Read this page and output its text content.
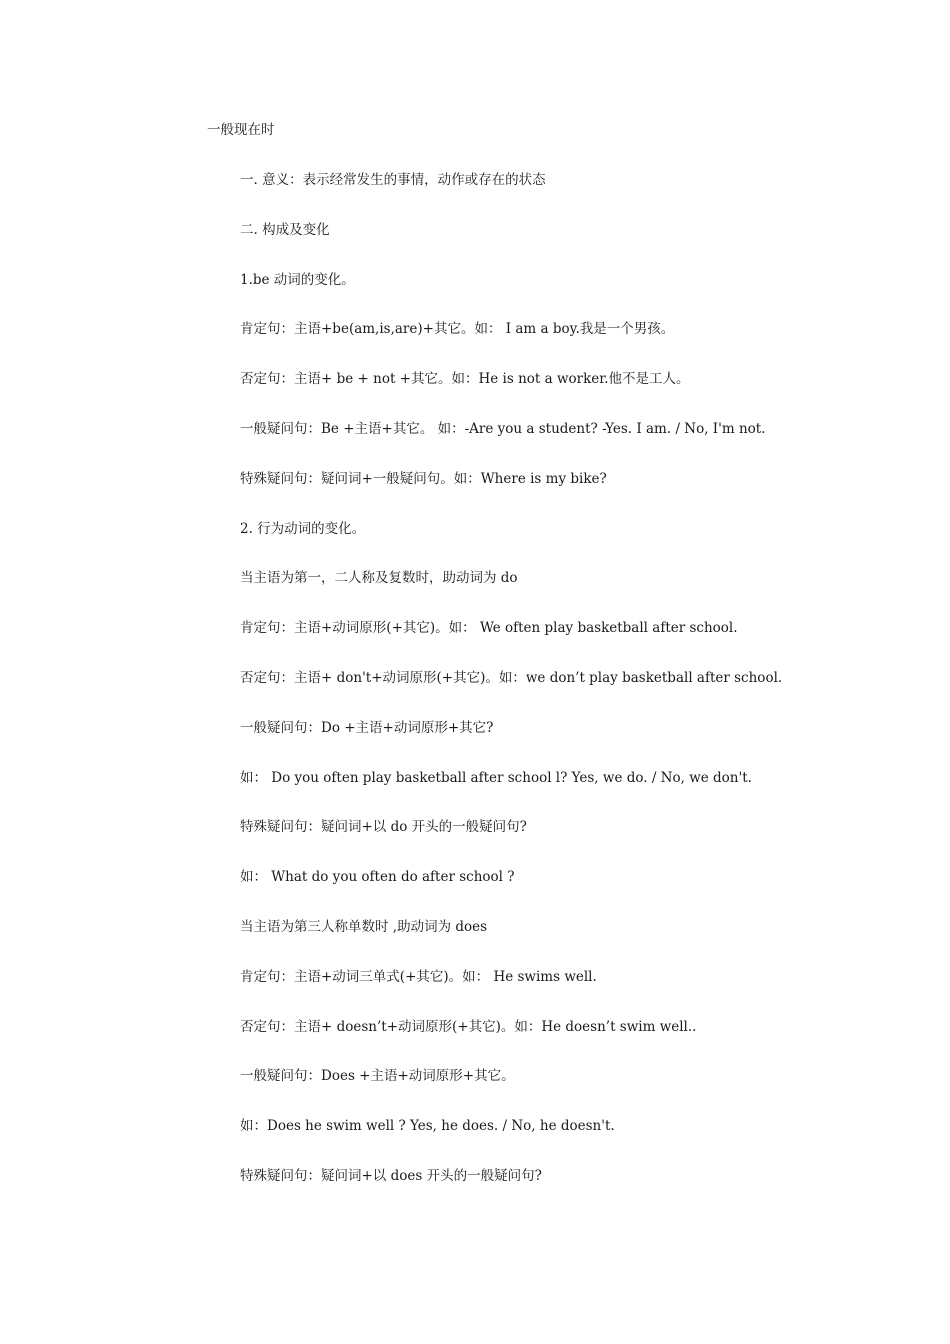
一般现在时
一. 意义：表示经常发生的事情，动作或存在的状态
二. 构成及变化
1.be 动词的变化。
肯定句：主语+be(am,is,are)+其它。如： I am a boy.我是一个男孩。
否定句：主语+ be + not +其它。如：He is not a worker.他不是工人。
一般疑问句：Be +主语+其它。 如：-Are you a student? -Yes. I am. / No, I'm not.
特殊疑问句：疑问词+一般疑问句。如：Where is my bike?
2. 行为动词的变化。
当主语为第一，二人称及复数时，助动词为 do
肯定句：主语+动词原形(+其它)。如： We often play basketball after school.
否定句：主语+ don't+动词原形(+其它)。如：we don’t play basketball after school.
一般疑问句：Do +主语+动词原形+其它?
如： Do you often play basketball after school l? Yes, we do. / No, we don't.
特殊疑问句：疑问词+以 do 开头的一般疑问句?
如： What do you often do after school ?
当主语为第三人称单数时 ,助动词为 does
肯定句：主语+动词三单式(+其它)。如： He swims well.
否定句：主语+ doesn’t+动词原形(+其它)。如：He doesn’t swim well..
一般疑问句：Does +主语+动词原形+其它。
如：Does he swim well ? Yes, he does. / No, he doesn't.
特殊疑问句：疑问词+以 does 开头的一般疑问句?
